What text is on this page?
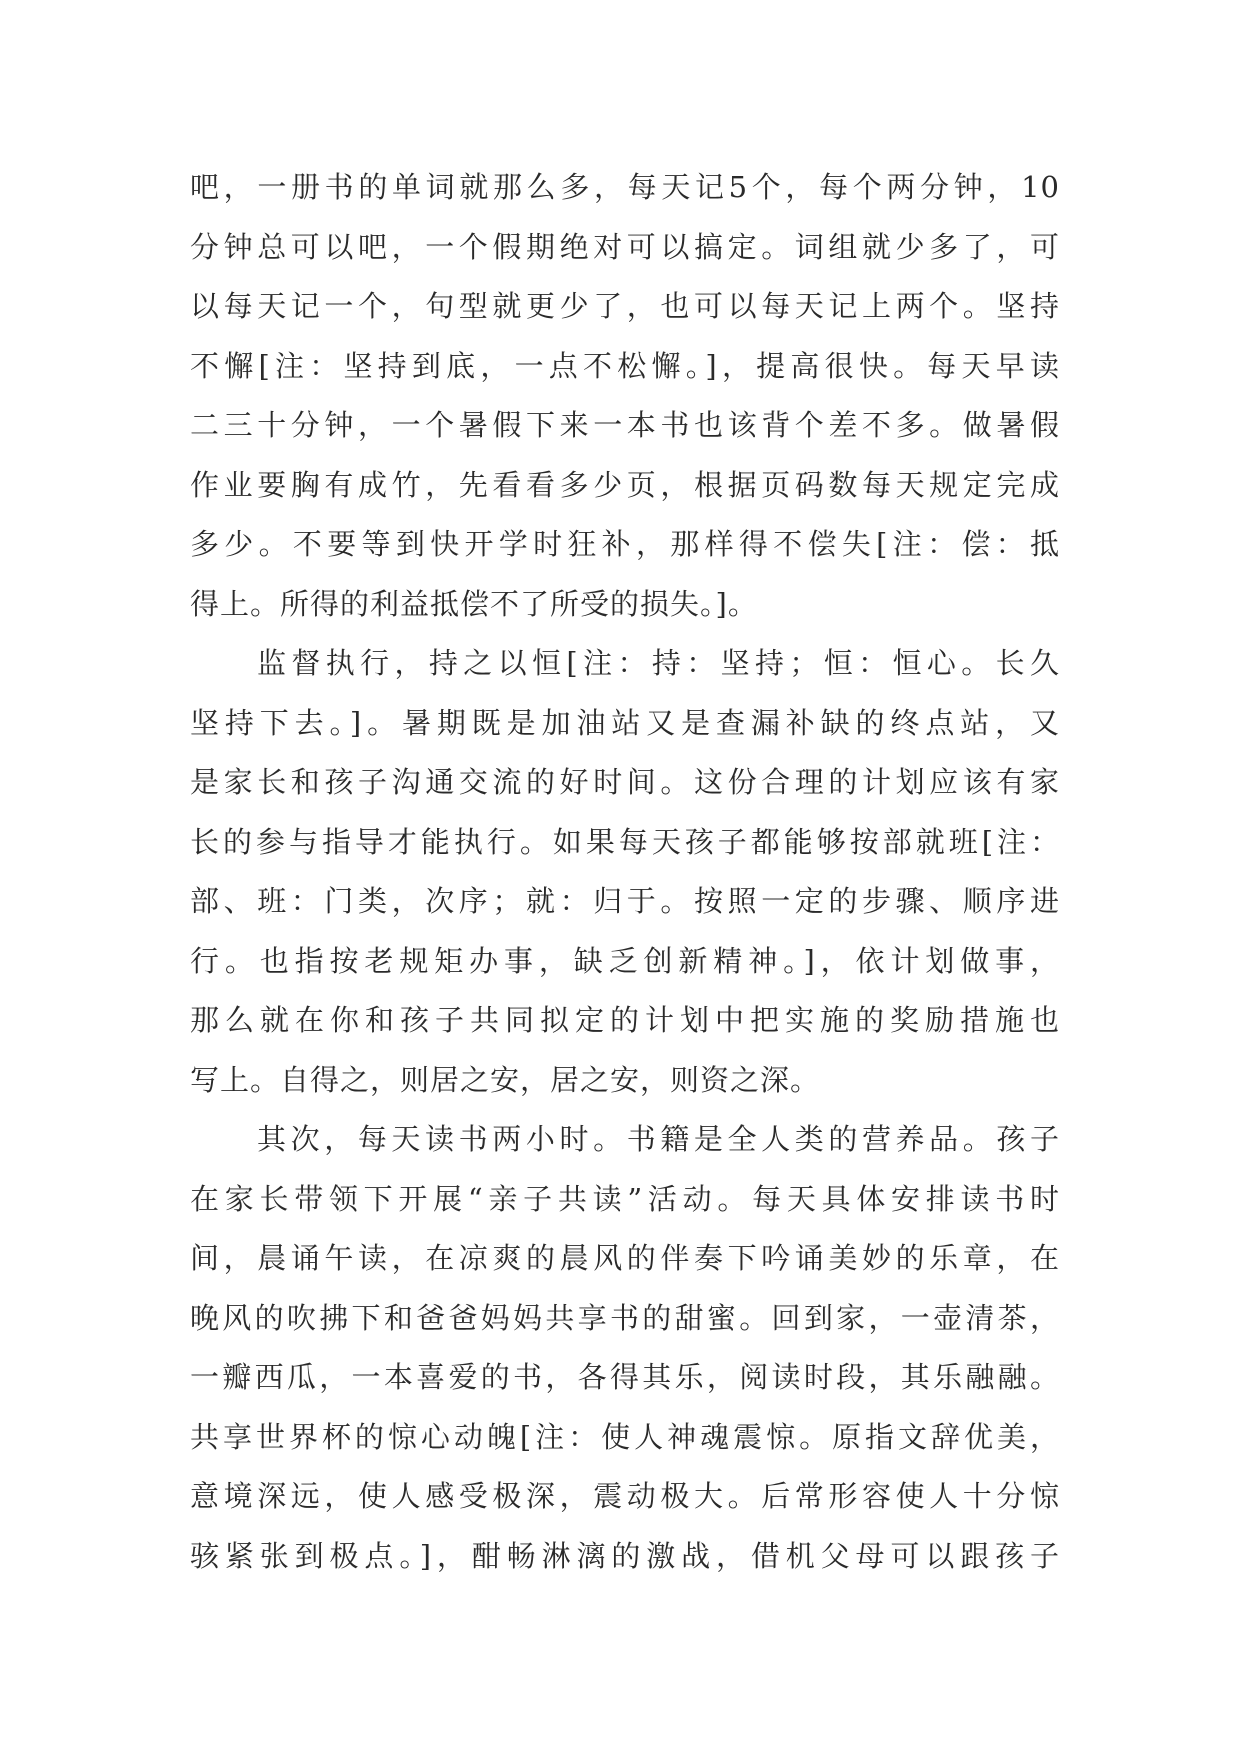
吧，一册书的单词就那么多，每天记5个，每个两分钟，10
分钟总可以吧，一个假期绝对可以搞定。词组就少多了，可
以每天记一个，句型就更少了，也可以每天记上两个。坚持
不懈[注：坚持到底，一点不松懈。]，提高很快。每天早读
二三十分钟，一个暑假下来一本书也该背个差不多。做暑假
作业要胸有成竹，先看看多少页，根据页码数每天规定完成
多少。不要等到快开学时狂补，那样得不偿失[注：偿：抵
得上。所得的利益抵偿不了所受的损失。]。
监督执行，持之以恒[注：持：坚持；恒：恒心。长久
坚持下去。]。暑期既是加油站又是查漏补缺的终点站，又
是家长和孩子沟通交流的好时间。这份合理的计划应该有家
长的参与指导才能执行。如果每天孩子都能够按部就班[注：
部、班：门类，次序；就：归于。按照一定的步骤、顺序进
行。也指按老规矩办事，缺乏创新精神。]，依计划做事，
那么就在你和孩子共同拟定的计划中把实施的奖励措施也
写上。自得之，则居之安，居之安，则资之深。
其次，每天读书两小时。书籍是全人类的营养品。孩子
在家长带领下开展“亲子共读”活动。每天具体安排读书时
间，晨诵午读，在凉爽的晨风的伴奏下吟诵美妙的乐章，在
晚风的吹拂下和爸爸妈妈共享书的甜蜜。回到家，一壶清茶，
一瓣西瓜，一本喜爱的书，各得其乐，阅读时段，其乐融融。
共享世界杯的惊心动魄[注：使人神魂震惊。原指文辞优美，
意境深远，使人感受极深，震动极大。后常形容使人十分惊
骇紧张到极点。]，酣畅淋漓的激战，借机父母可以跟孩子
